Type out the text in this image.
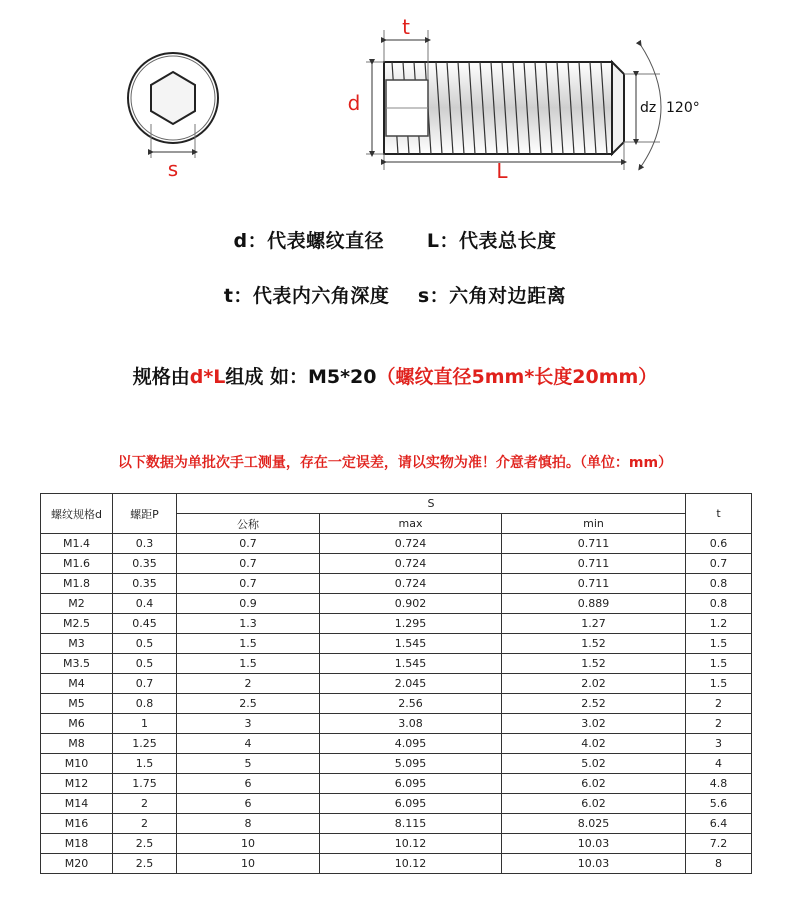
s
t
d
L
dz 120°
d：代表螺纹直径      L：代表总长度
t：代表内六角深度    s：六角对边距离
规格由d*L组成 如：M5*20（螺纹直径5mm*长度20mm）
以下数据为单批次手工测量，存在一定误差，请以实物为准！介意者慎拍。（单位：mm）
螺纹规格d	螺距P	S			t
		公称	max	min	
M1.4	0.3	0.7	0.724	0.711	0.6
M1.6	0.35	0.7	0.724	0.711	0.7
M1.8	0.35	0.7	0.724	0.711	0.8
M2	0.4	0.9	0.902	0.889	0.8
M2.5	0.45	1.3	1.295	1.27	1.2
M3	0.5	1.5	1.545	1.52	1.5
M3.5	0.5	1.5	1.545	1.52	1.5
M4	0.7	2	2.045	2.02	1.5
M5	0.8	2.5	2.56	2.52	2
M6	1	3	3.08	3.02	2
M8	1.25	4	4.095	4.02	3
M10	1.5	5	5.095	5.02	4
M12	1.75	6	6.095	6.02	4.8
M14	2	6	6.095	6.02	5.6
M16	2	8	8.115	8.025	6.4
M18	2.5	10	10.12	10.03	7.2
M20	2.5	10	10.12	10.03	8
